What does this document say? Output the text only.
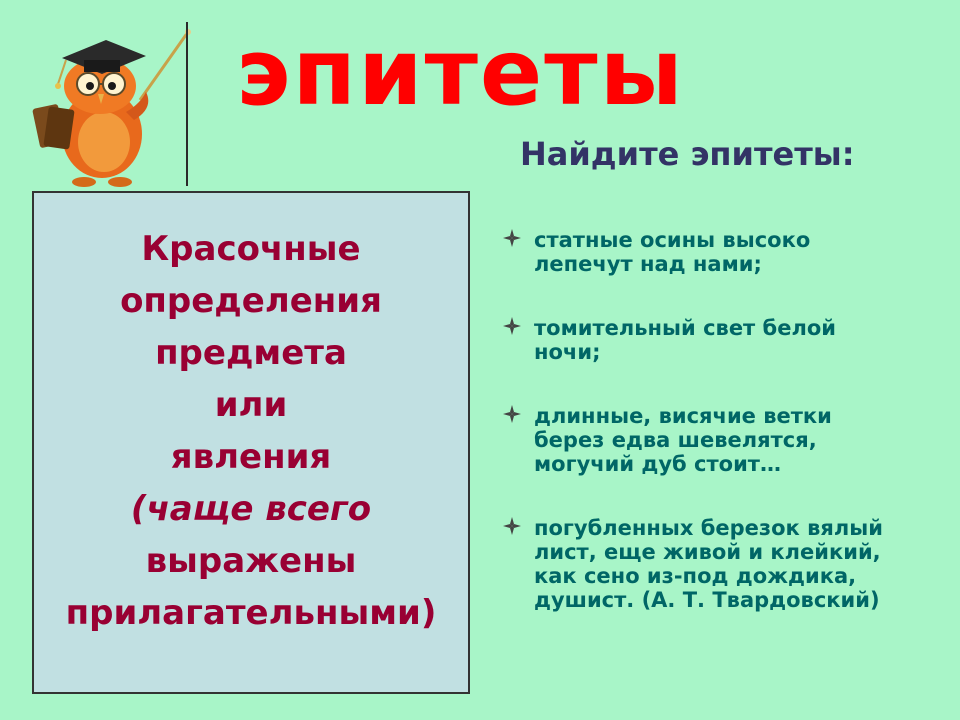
эпитеты
Найдите эпитеты:
Красочные
определения
предмета
или
явления
(чаще всего
выражены
прилагательными)
статные осины высоко
лепечут над нами;
томительный свет белой
ночи;
длинные, висячие ветки
берез едва шевелятся,
могучий дуб стоит…
погубленных березок вялый
лист, еще живой и клейкий,
как сено из-под дождика,
душист. (А. Т. Твардовский)
